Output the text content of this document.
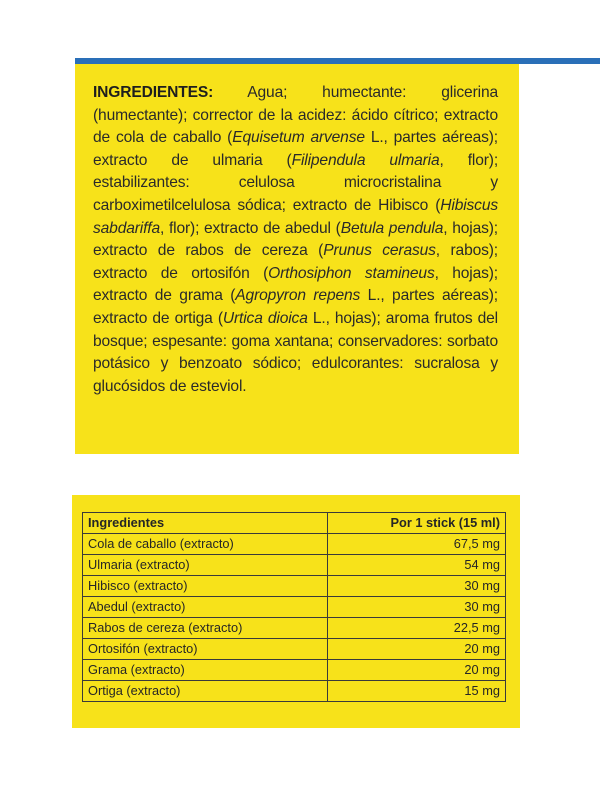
INGREDIENTES: Agua; humectante: glicerina (humectante); corrector de la acidez: ácido cítrico; extracto de cola de caballo (Equisetum arvense L., partes aéreas); extracto de ulmaria (Filipendula ulmaria, flor); estabilizantes: celulosa microcristalina y carboximetilcelulosa sódica; extracto de Hibisco (Hibiscus sabdariffa, flor); extracto de abedul (Betula pendula, hojas); extracto de rabos de cereza (Prunus cerasus, rabos); extracto de ortosifón (Orthosiphon stamineus, hojas); extracto de grama (Agropyron repens L., partes aéreas); extracto de ortiga (Urtica dioica L., hojas); aroma frutos del bosque; espesante: goma xantana; conservadores: sorbato potásico y benzoato sódico; edulcorantes: sucralosa y glucósidos de esteviol.

Ingredientes	Por 1 stick (15 ml)
Cola de caballo (extracto)	67,5 mg
Ulmaria (extracto)	54 mg
Hibisco (extracto)	30 mg
Abedul (extracto)	30 mg
Rabos de cereza (extracto)	22,5 mg
Ortosifón (extracto)	20 mg
Grama (extracto)	20 mg
Ortiga (extracto)	15 mg
